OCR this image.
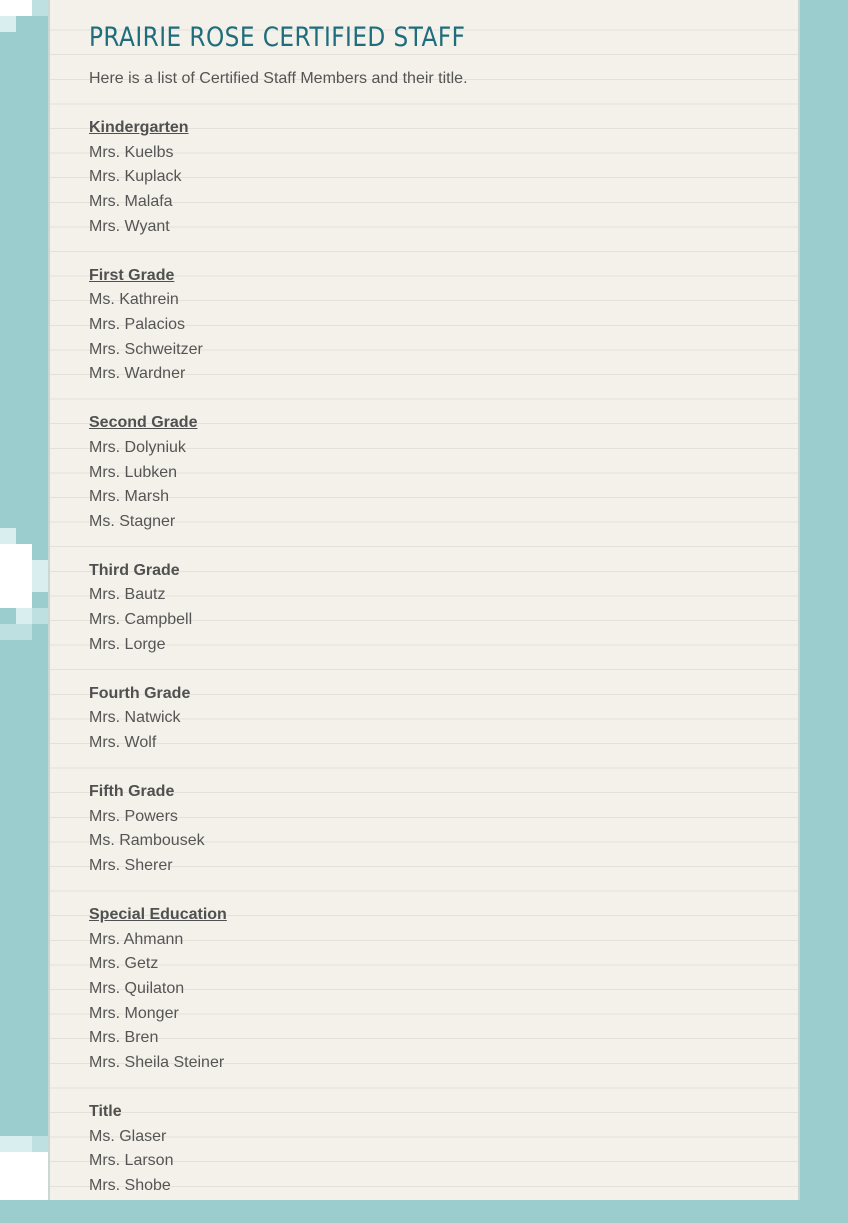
PRAIRIE ROSE CERTIFIED STAFF

Here is a list of Certified Staff Members and their title.

Kindergarten

Mrs. Kuelbs
Mrs. Kuplack
Mrs. Malafa
Mrs. Wyant

First Grade

Ms. Kathrein
Mrs. Palacios
Mrs. Schweitzer
Mrs. Wardner

Second Grade

Mrs. Dolyniuk
Mrs. Lubken
Mrs. Marsh
Ms. Stagner

Third Grade

Mrs. Bautz
Mrs. Campbell
Mrs. Lorge

Fourth Grade

Mrs. Natwick
Mrs. Wolf

Fifth Grade

Mrs. Powers
Ms. Rambousek
Mrs. Sherer

Special Education

Mrs. Ahmann
Mrs. Getz
Mrs. Quilaton
Mrs. Monger
Mrs. Bren
Mrs. Sheila Steiner

Title

Ms. Glaser
Mrs. Larson
Mrs. Shobe
